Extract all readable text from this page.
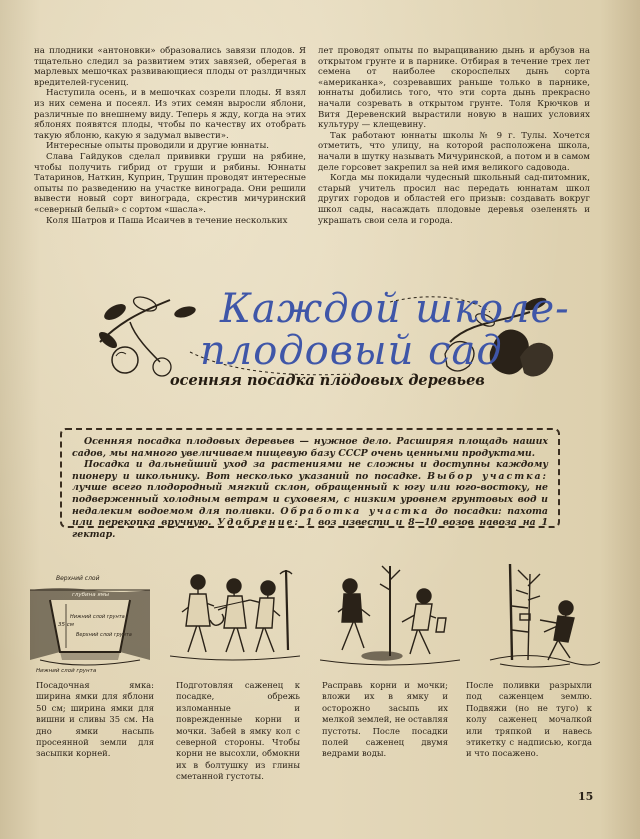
на плодники «антоновки» образовались завязи плодов. Я тщательно следил за развитием этих завязей, оберегая в марлевых мешочках развивающиеся плоды от разлдичных вредителей-гусениц.

Наступила осень, и в мешочках созрели плоды. Я взял из них семена и посеял. Из этих семян выросли яблони, различные по внешнему виду. Теперь я жду, когда на этих яблонях появятся плоды, чтобы по качеству их отобрать такую яблоню, какую я задумал вывести».

Интересные опыты проводили и другие юннаты.

Слава Гайдуков сделал прививки груши на рябине, чтобы получить гибрид от груши и рябины. Юннаты Татаринов, Наткин, Куприн, Трушин проводят интересные опыты по разведению на участке винограда. Они решили вывести новый сорт винограда, скрестив мичуринский «северный белый» с сортом «шасла».

Коля Шатров и Паша Исаичев в течение нескольких

лет проводят опыты по выращиванию дынь и арбузов на открытом грунте и в парнике. Отбирая в течение трех лет семена от наиболее скороспелых дынь сорта «американка», созревавших раньше только в парнике, юннаты добились того, что эти сорта дынь прекрасно начали созревать в открытом грунте. Толя Крючков и Витя Деревенский вырастили новую в наших условиях культуру — клещевину.

Так работают юннаты школы № 9 г. Тулы. Хочется отметить, что улицу, на которой расположена школа, начали в шутку называть Мичуринской, а потом и в самом деле горсовет закрепил за ней имя великого садовода.

Когда мы покидали чудесный школьный сад-питомник, старый учитель просил нас передать юннатам школ других городов и областей его призыв: создавать вокруг школ сады, насаждать плодовые деревья озеленять и украшать свои села и города.

Каждой школе-
плодовый сад
осенняя посадка плодовых деревьев

Осенняя посадка плодовых деревьев — нужное дело. Расширяя площадь наших садов, мы намного увеличиваем пищевую базу СССР очень ценными продуктами.

Посадка и дальнейший уход за растениями не сложны и доступны каждому пионеру и школьнику. Вот несколько указаний по посадке. Выбор участка: лучше всего плодородный мягкий склон, обращенный к югу или юго-востоку, не подверженный холодным ветрам и суховеям, с низким уровнем грунтовых вод и недалеким водоемом для поливки. Обработка участка до посадки: пахота или перекопка вручную. Удобрение: 1 воз извести и 8—10 возов навоза на 1 гектар.

Верхний слой
глубина ямы
Нижний слой грунта
35 см
Верхний слой грунта
Нижний слой грунта
Посадочная ямка: ширина ямки для яблони 50 см; ширина ямки для вишни и сливы 35 см. На дно ямки насыпь просеянной земли для засыпки корней.
Подготовляя саженец к посадке, обрежь изломанные и поврежденные корни и мочки. Забей в ямку кол с северной стороны. Чтобы корни не высохли, обмокни их в болтушку из глины сметанной густоты.
Расправь корни и мочки; вложи их в ямку и осторожно засыпь их мелкой землей, не оставляя пустоты. После посадки полей саженец двумя ведрами воды.
После поливки разрыхли под саженцем землю. Подвяжи (но не туго) к колу саженец мочалкой или тряпкой и навесь этикетку с надписью, когда и что посажено.
15
